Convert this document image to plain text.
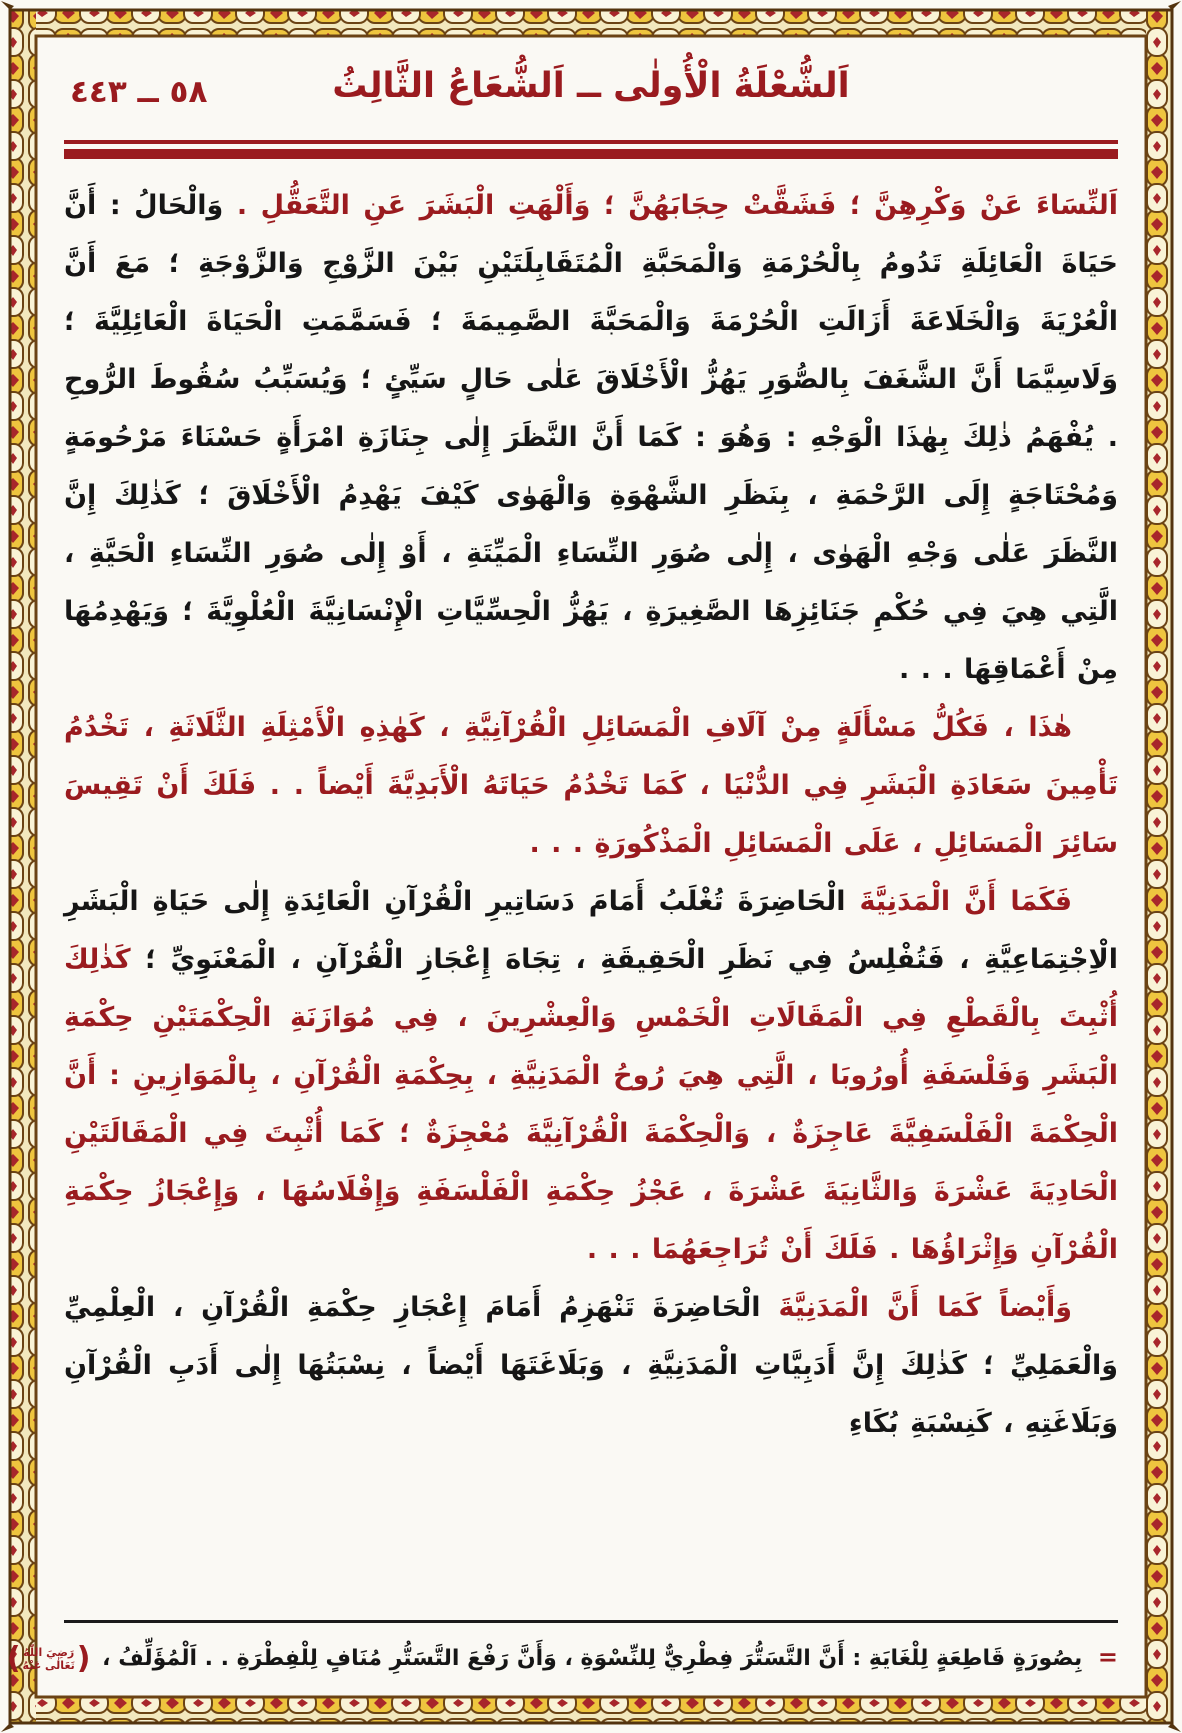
٥٨ ــ ٤٤٣	اَلشُّعْلَةُ الْأُولٰى ــ اَلشُّعَاعُ الثَّالِثُ

اَلنِّسَاءَ عَنْ وَكْرِهِنَّ ؛ فَشَقَّتْ حِجَابَهُنَّ ؛ وَأَلْهَتِ الْبَشَرَ عَنِ التَّعَقُّلِ . وَالْحَالُ : أَنَّ حَيَاةَ الْعَائِلَةِ تَدُومُ بِالْحُرْمَةِ وَالْمَحَبَّةِ الْمُتَقَابِلَتَيْنِ بَيْنَ الزَّوْجِ وَالزَّوْجَةِ ؛ مَعَ أَنَّ الْعُرْيَةَ وَالْخَلَاعَةَ أَزَالَتِ الْحُرْمَةَ وَالْمَحَبَّةَ الصَّمِيمَةَ ؛ فَسَمَّمَتِ الْحَيَاةَ الْعَائِلِيَّةَ ؛ وَلَاسِيَّمَا أَنَّ الشَّغَفَ بِالصُّوَرِ يَهُزُّ الْأَخْلَاقَ عَلٰى حَالٍ سَيِّئٍ ؛ وَيُسَبِّبُ سُقُوطَ الرُّوحِ . يُفْهَمُ ذٰلِكَ بِهٰذَا الْوَجْهِ : وَهُوَ : كَمَا أَنَّ النَّظَرَ إِلٰى جِنَازَةِ امْرَأَةٍ حَسْنَاءَ مَرْحُومَةٍ وَمُحْتَاجَةٍ إِلَى الرَّحْمَةِ ، بِنَظَرِ الشَّهْوَةِ وَالْهَوٰى كَيْفَ يَهْدِمُ الْأَخْلَاقَ ؛ كَذٰلِكَ إِنَّ النَّظَرَ عَلٰى وَجْهِ الْهَوٰى ، إِلٰى صُوَرِ النِّسَاءِ الْمَيِّتَةِ ، أَوْ إِلٰى صُوَرِ النِّسَاءِ الْحَيَّةِ ، الَّتِي هِيَ فِي حُكْمِ جَنَائِزِهَا الصَّغِيرَةِ ، يَهُزُّ الْحِسِّيَّاتِ الْإِنْسَانِيَّةَ الْعُلْوِيَّةَ ؛ وَيَهْدِمُهَا مِنْ أَعْمَاقِهَا . . .

هٰذَا ، فَكُلُّ مَسْأَلَةٍ مِنْ آلَافِ الْمَسَائِلِ الْقُرْآنِيَّةِ ، كَهٰذِهِ الْأَمْثِلَةِ الثَّلَاثَةِ ، تَخْدُمُ تَأْمِينَ سَعَادَةِ الْبَشَرِ فِي الدُّنْيَا ، كَمَا تَخْدُمُ حَيَاتَهُ الْأَبَدِيَّةَ أَيْضاً . . فَلَكَ أَنْ تَقِيسَ سَائِرَ الْمَسَائِلِ ، عَلَى الْمَسَائِلِ الْمَذْكُورَةِ . . .

فَكَمَا أَنَّ الْمَدَنِيَّةَ الْحَاضِرَةَ تُغْلَبُ أَمَامَ دَسَاتِيرِ الْقُرْآنِ الْعَائِدَةِ إِلٰى حَيَاةِ الْبَشَرِ الْاِجْتِمَاعِيَّةِ ، فَتُفْلِسُ فِي نَظَرِ الْحَقِيقَةِ ، تِجَاهَ إِعْجَازِ الْقُرْآنِ ، الْمَعْنَوِيِّ ؛ كَذٰلِكَ أُثْبِتَ بِالْقَطْعِ فِي الْمَقَالَاتِ الْخَمْسِ وَالْعِشْرِينَ ، فِي مُوَازَنَةِ الْحِكْمَتَيْنِ حِكْمَةِ الْبَشَرِ وَفَلْسَفَةِ أُورُوبَا ، الَّتِي هِيَ رُوحُ الْمَدَنِيَّةِ ، بِحِكْمَةِ الْقُرْآنِ ، بِالْمَوَازِينِ : أَنَّ الْحِكْمَةَ الْفَلْسَفِيَّةَ عَاجِزَةٌ ، وَالْحِكْمَةَ الْقُرْآنِيَّةَ مُعْجِزَةٌ ؛ كَمَا أُثْبِتَ فِي الْمَقَالَتَيْنِ الْحَادِيَةَ عَشْرَةَ وَالثَّانِيَةَ عَشْرَةَ ، عَجْزُ حِكْمَةِ الْفَلْسَفَةِ وَإِفْلَاسُهَا ، وَإِعْجَازُ حِكْمَةِ الْقُرْآنِ وَإِثْرَاؤُهَا . فَلَكَ أَنْ تُرَاجِعَهُمَا . . .

وَأَيْضاً كَمَا أَنَّ الْمَدَنِيَّةَ الْحَاضِرَةَ تَنْهَزِمُ أَمَامَ إِعْجَازِ حِكْمَةِ الْقُرْآنِ ، الْعِلْمِيِّ وَالْعَمَلِيِّ ؛ كَذٰلِكَ إِنَّ أَدَبِيَّاتِ الْمَدَنِيَّةِ ، وَبَلَاغَتَهَا أَيْضاً ، نِسْبَتُهَا إِلٰى أَدَبِ الْقُرْآنِ وَبَلَاغَتِهِ ، كَنِسْبَةِ بُكَاءِ

= بِصُورَةٍ قَاطِعَةٍ لِلْغَايَةِ : أَنَّ التَّسَتُّرَ فِطْرِيٌّ لِلنِّسْوَةِ ، وَأَنَّ رَفْعَ التَّسَتُّرِ مُنَافٍ لِلْفِطْرَةِ . . اَلْمُؤَلِّفُ ،
(
رَضِيَ اللّٰهُ
تَعَالٰى عَنْهُ
)
